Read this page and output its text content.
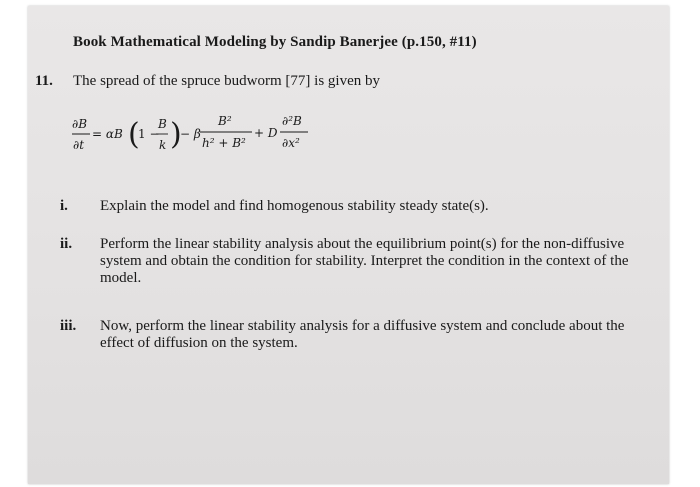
Book Mathematical Modeling by Sandip Banerjee (p.150, #11)
11. The spread of the spruce budworm [77] is given by
∂B
∂t
= αB (
1 −
B
k )
− β
B²
h² + B²
+ D
∂²B
∂x²
i. Explain the model and find homogenous stability steady state(s).
ii. Perform the linear stability analysis about the equilibrium point(s) for the non-diffusive system and obtain the condition for stability. Interpret the condition in the context of the model.
iii. Now, perform the linear stability analysis for a diffusive system and conclude about the effect of diffusion on the system.
